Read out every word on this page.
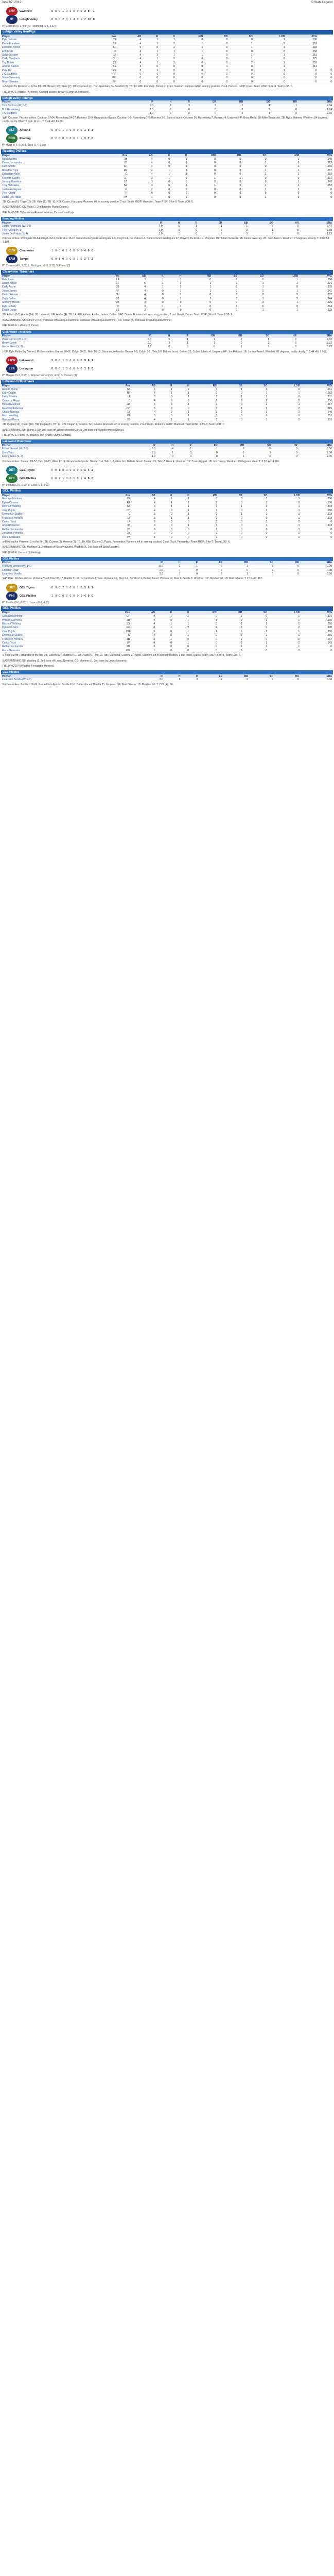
June 07, 2012	© Stats Legend
LHV	Gwinnett	0	0	0	1	0	2	0	0	0	3	8	1

IP	Lehigh Valley	0	0	0	2	0	1	4	0	x	7	10	0
W: Cochran (5-1, 4.84) L: Redmond (5-4, 3.92)
Lehigh Valley IronPigs
Player	Pos	AB	R	H	RBI	BB	SO	LOB	AVG	
Kyle Hudson	CF	4	1	1	0	0	0	1	.282	
Kevin Frandsen	3B	4	1	2	1	0	1	2	.291	
Domonic Brown	LF	5	0	2	2	0	1	1	.293	
Erik Kratz	C	4	1	1	1	0	0	2	.258	
Steve Susdorf	1B	4	1	1	1	0	1	1	.281	
Cody Overbeck	DH	4	1	2	0	0	1	0	.275	
Tug Hulett	2B	4	1	1	0	0	2	1	.253	
Andres Blanco	SS	3	0	0	0	1	0	1	.214	
Pete Orr	RF	3	1	0	0	1	0	1	0	0
J.C. Ramirez	RF	0	0	0	0	0	0	0	0	0
Steve Sweeney	PH	0	0	0	0	0	0	0	0	0
Brian Shenker	PH	0	0	0	0	0	0	0	0	0
a-Singled for Ramirez J. in the 8th. 2B: Brown (16), Kratz (7). 3B: Overbeck (1). HR: Frandsen (5), Susdorf (2). TB: 13. RBI: Frandsen, Brown 2, Kratz, Susdorf. Runners left in scoring position, 2 out: Hudson. GIDP: Kratz. Team RISP: 3-for-9. Team LOB: 5.
FIELDING E: Blanco (4, throw). Outfield assists: Brown (Gump at 2nd base).
Lehigh Valley IronPigs
Pitcher	IP	H	R	ER	BB	SO	HR	ERA
Tom Cochran (W, 5-1)	6.0	6	3	3	1	4	1	4.84
B.J. Rosenberg	2.0	1	0	0	0	3	0	1.74
J.C. Ramirez	1.0	1	0	0	0	1	0	2.66
WP: Cochran. Pitches-strikes: Cochran 97-64, Rosenberg 24-17, Ramirez 13-9. Groundouts-flyouts: Cochran 8-5, Rosenberg 1-2, Ramirez 2-0. Batters faced: Cochran 26, Rosenberg 7, Ramirez 4. Umpires: HP: Brian Reilly. 1B: Mike Estabrook. 2B: Ryan Blakney. Weather: 84 degrees, partly cloudy. Wind: 6 mph, R to L. T: 2:44. Att: 8,406.
ALT	Altoona	0	0	0	1	0	0	0	0	0	1	6	1

RDG	Reading	0	2	0	0	0	0	0	1	x	3	7	0
W: Hyatt (5-4, 4.06) L: Dice (1-4, 3.95)
Reading Phillies
Player	Pos	AB	R	H	RBI	BB	SO	LOB	AVG
Miguel Abreu	2B	4	0	1	0	0	0	1	.240
Cesar Hernandez	2B	4	0	1	0	0	1	0	.322
Cam Smith	CF	4	0	1	0	0	0	1	.265
Brandon Tripp	RF	4	1	1	0	0	1	1	.267
Sebastian Valle	C	4	1	1	0	0	1	1	.282
Leandro Castro	LF	3	1	1	1	1	0	0	.291
Jeremy Hamilton	1B	3	0	0	0	0	0	1	.243
Troy Hanzawa	SS	3	0	1	1	0	1	1	.252
Justin Rodriguez	P	2	0	0	0	0	1	1	0
Tyler Cloyd	P	0	0	0	0	0	0	0	0
Justin De Fratus	PH	1	0	0	0	0	1	0	0
2B: Castro (6), Tripp (11). 3B: Valle (1). TB: 10. RBI: Castro, Hanzawa. Runners left in scoring position, 2 out: Smith. GIDP: Hamilton. Team RISP: 2-for-6. Team LOB: 5.
BASERUNNING CS: Valle (1, 2nd base by Marte/Catena).
FIELDING DP: 2 (Hanzawa-Abreu-Hamilton, Castro-Hamilton).
Reading Phillies
Pitcher	IP	H	R	ER	BB	SO	HR	ERA
Justin Rodriguez (W, 1-1)	7.0	5	1	1	1	5	0	3.47
Tyler Cloyd (H, 3)	1.0	0	0	0	0	1	0	2.88
Justin De Fratus (S, 4)	1.0	1	0	0	0	2	0	1.13
Pitches-strikes: Rodriguez 96-64, Cloyd 16-11, De Fratus 15-10. Groundouts-flyouts: Rodriguez 9-5, Cloyd 1-1, De Fratus 0-1. Batters faced: Rodriguez 27, Cloyd 3, De Fratus 4. Umpires: HP: Adam Schwarz. 1B: Kevin Sweeney. 2B: John Bacon. Weather: 77 degrees, cloudy. T: 2:20. Att: 7,104.
CLW	Clearwater	1	0	0	0	1	0	0	0	2	4	9	0

TAM	Tampa	0	0	1	0	0	0	0	1	0	2	7	2
W: Cisnero (4-2, 2.62) L: Rodriguez (2-5, 3.71) S: Friend (3)
Clearwater Threshers
Player	Pos	AB	R	H	RBI	BB	SO	LOB	AVG
Pete Lavin	LF	3	1	1	0	1	0	1	.260
Aaron Altherr	CF	5	1	2	1	0	1	1	.271
Cody Asche	3B	4	1	2	1	1	1	0	.305
Jiwan James	RF	4	0	1	1	0	2	1	.241
Carlos Alonso	DH	4	0	1	0	0	0	2	.282
Zach Collier	1B	4	0	1	1	0	1	2	.244
Anthony Hewitt	2B	4	0	0	0	0	3	1	.226
Kyle Lafferty	C	3	1	1	0	1	0	0	.264
Edgar Duran	SS	3	0	0	0	0	1	1	.233
2B: Altherr (16), Asche (14). 3B: Lavin (4). HR: Asche (4). TB: 14. RBI: Altherr, Asche, James, Collier. SAC: Duran. Runners left in scoring position, 2 out: Hewitt, Duran. Team RISP: 3-for-8. Team LOB: 6.
BASERUNNING SB: Altherr 2 (18, 2nd base off Rodriguez/Romine, 3rd base off Rodriguez/Romine). CS: Collier (3, 2nd base by Rodriguez/Romine).
FIELDING E: Lafferty (2, throw).
Clearwater Threshers
Pitcher	IP	H	R	ER	BB	SO	HR	ERA
Perci Garner (W, 4-2)	6.0	5	1	1	2	8	0	2.62
Brody Colvin	2.0	2	1	1	0	2	0	3.72
Hector Nelo (S, 3)	1.0	0	0	0	1	1	0	3.23
HBP: Kyle Roller (by Garner). Pitches-strikes: Garner 98-62, Colvin 30-21, Nelo 16-10. Groundouts-flyouts: Garner 6-6, Colvin 3-2, Nelo 2-0. Batters faced: Garner 25, Colvin 8, Nelo 4. Umpires: HP: Jon Felczak. 1B: Jordan Ferrell. Weather: 82 degrees, partly cloudy. T: 2:44. Att: 1,917.
LKW	Lakewood	2	0	0	1	0	0	0	0	0	3	8	1

LEX	Lexington	0	0	0	1	0	0	0	0	0	1	5	0
W: Morgan (3-3, 3.56) L: Wojciechowski (3-5, 4.02) S: Cisnero (2)
Lakewood BlueClaws
Player	Pos	AB	R	H	RBI	BB	SO	LOB	AVG
Roman Quinn	SS	4	1	2	0	1	0	0	.261
Kelly Dugan	RF	4	1	1	2	0	1	1	.282
Larry Greene	LF	3	0	1	1	1	1	0	.231
Cameron Rupp	C	4	0	0	0	0	2	2	.256
Harold Martinez	3B	4	0	1	0	0	1	1	.217
Gauntlett Eldemire	DH	3	0	0	0	1	2	2	.215
Chace Numata	1B	4	0	1	0	0	1	1	.246
Mitch Walding	CF	3	0	1	0	0	0	0	.253
Gustavo Pierre	2B	4	1	1	0	0	1	0	.233
2B: Dugan (16), Quinn (10). HR: Dugan (6). TB: 11. RBI: Dugan 2, Greene. SF: Greene. Runners left in scoring position, 2 out: Rupp, Eldemire. GIDP: Martinez. Team RISP: 2-for-7. Team LOB: 7.
BASERUNNING SB: Quinn 2 (20, 2nd base off Wojciechowski/Garcia, 3rd base off Wojciechowski/Garcia).
FIELDING E: Pierre (8, fielding). DP: (Pierre-Quinn-Numata).
Lakewood BlueClaws
Pitcher	IP	H	R	ER	BB	SO	HR	ERA
Ethan Stewart (W, 3-3)	6.0	4	1	1	1	6	0	3.56
Yeuri Tatiz	2.0	1	0	0	0	3	0	2.90
Kenny Giles (S, 2)	1.0	0	0	0	1	2	0	2.35
Pitches-strikes: Stewart 89-57, Tatiz 26-17, Giles 17-11. Groundouts-flyouts: Stewart 7-4, Tatiz 1-2, Giles 0-1. Batters faced: Stewart 23, Tatiz 7, Giles 4. Umpires: HP: Travis Eggert. 1B: Jim Hoesly. Weather: 79 degrees, clear. T: 2:32. Att: 4,116.
DET	GCL Tigers	0	0	1	0	0	0	0	0	0	1	4	2

PHI	GCL Phillies	0	0	2	1	0	0	1	0	x	4	8	0
W: Ventura (1-0, 0.00) L: Sosa (0-1, 6.00)
GCL Phillies
Player	Pos	AB	R	H	RBI	BB	SO	LOB	AVG
Gustavo Martinez	CF	4	1	1	0	0	1	1	.250
Dylan Cozens	RF	4	1	2	2	0	1	0	.500
Mitchell Walding	SS	3	1	1	0	1	0	1	.333
Jose Pujols	DH	4	0	1	1	0	2	1	.250
Emmanuel Quiles	C	3	0	1	0	1	1	2	.333
Francisco Herrera	1B	3	1	1	0	0	0	1	.333
Carlos Tocci	LF	3	0	0	0	0	1	0	0
Angel Pimentel	3B	3	0	1	0	0	1	1	.333
Raffael Fernandez	2B	3	0	0	1	0	0	1	0
Jonathan Pimentel	2B	0	0	0	0	0	0	0	0
Mario Gonzalez	PH	1	0	0	0	0	0	0	0
a-Flied out for Pimentel J. in the 8th. 2B: Cozens (1), Herrera (1). TB: 10. RBI: Cozens 2, Pujols, Fernandez. Runners left in scoring position, 2 out: Tocci, Fernandez. Team RISP: 2-for-7. Team LOB: 6.
BASERUNNING SB: Martinez (1, 2nd base off Sosa/Navarro), Walding (1, 2nd base off Sosa/Navarro).
FIELDING E: Herrera (1, fielding).
GCL Phillies
Pitcher	IP	H	R	ER	BB	SO	HR	ERA
Franklyn Ventura (W, 1-0)	5.0	2	1	0	1	6	0	0.00
Christian Diaz	2.0	1	0	0	0	2	0	0.00
Lisalverto Bonilla	2.0	1	0	0	1	3	0	0.00
WP: Diaz. Pitches-strikes: Ventura 70-46, Diaz 26-17, Bonilla 31-19. Groundouts-flyouts: Ventura 5-2, Diaz 3-1, Bonilla 2-1. Batters faced: Ventura 19, Diaz 7, Bonilla 8. Umpires: HP: Dan Merzel. 1B: Matt Gibson. T: 2:15. Att: 112.
DET	GCL Tigers	0	0	0	2	0	0	0	1	0	3	6	1

PHI	GCL Phillies	1	0	0	0	2	0	0	0	1	4	9	0
W: Bonilla (2-0, 0.00) L: Lopez (0-1, 4.50)
GCL Phillies
Player	Pos	AB	R	H	RBI	BB	SO	LOB	AVG
Gustavo Martinez	CF	4	1	2	0	1	0	1	.375
William Carmona	3B	4	0	1	1	0	1	1	.250
Mitchell Walding	SS	4	1	1	0	0	1	1	.286
Dylan Cozens	RF	4	1	2	2	0	0	0	.500
Jose Pujols	DH	3	0	1	1	1	1	1	.286
Emmanuel Quiles	C	4	0	1	0	0	2	1	.286
Francisco Herrera	1B	3	1	0	0	1	0	0	.167
Carlos Tocci	LF	4	0	1	0	0	1	2	.143
Raffael Fernandez	2B	3	0	0	0	0	1	1	0
Mario Gonzalez	PH	1	0	0	0	0	0	0	0
a-Flied out for Fernandez in the 9th. 2B: Cozens (2), Martinez (1). 3B: Pujols (1). TB: 12. RBI: Carmona, Cozens 2, Pujols. Runners left in scoring position, 2 out: Tocci, Quiles. Team RISP: 3-for-9. Team LOB: 7.
BASERUNNING SB: Walding (2, 2nd base off Lopez/Navarro). CS: Martinez (1, 2nd base by Lopez/Navarro).
FIELDING DP: (Walding-Fernandez-Herrera).
GCL Phillies
Pitcher	IP	H	R	ER	BB	SO	HR	ERA
Lisalverto Bonilla (W, 2-0)	9.0	6	3	2	2	7	0	0.00
Pitches-strikes: Bonilla 112-74. Groundouts-flyouts: Bonilla 10-5. Batters faced: Bonilla 35. Umpires: HP: Matt Gibson. 1B: Dan Merzel. T: 2:29. Att: 86.
